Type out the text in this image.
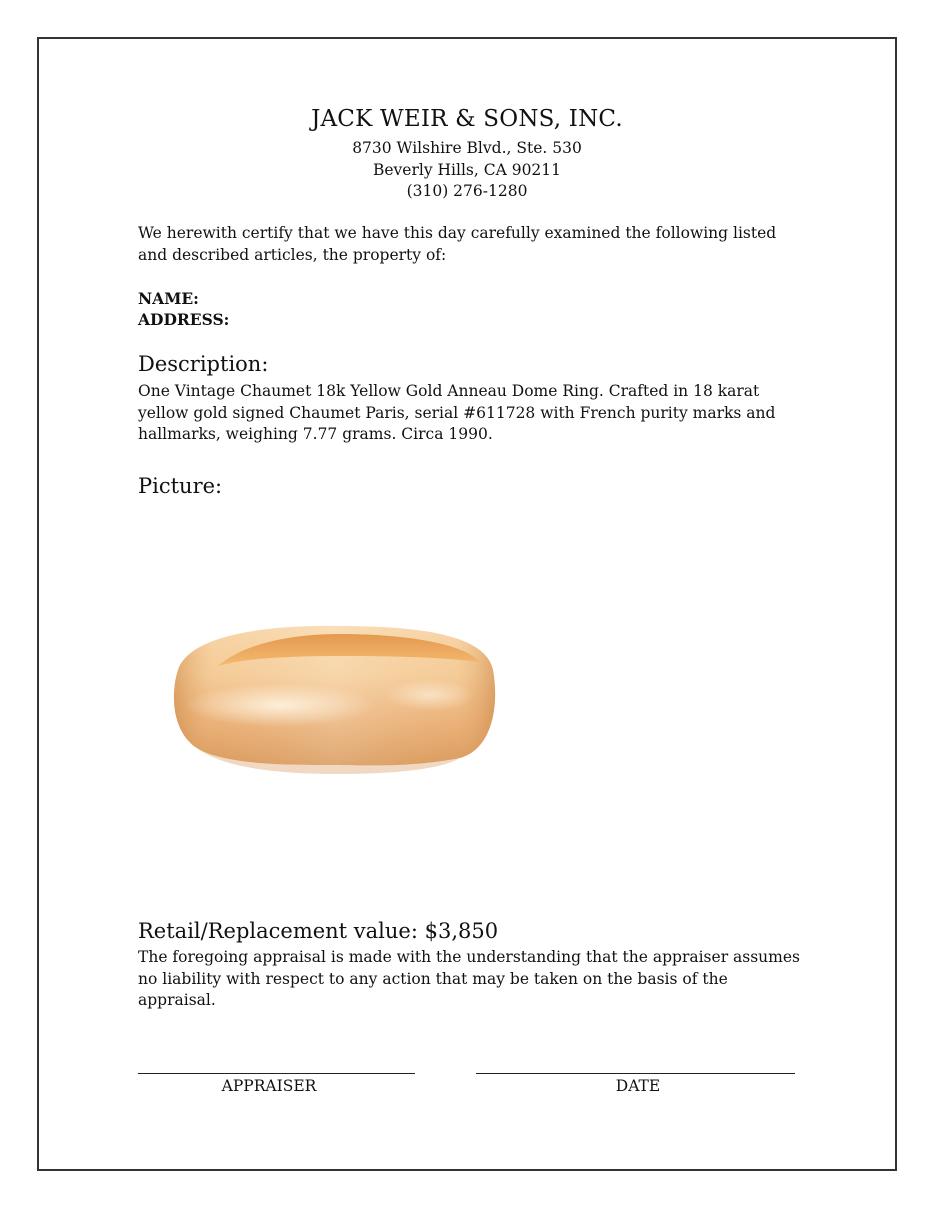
JACK WEIR & SONS, INC.
8730 Wilshire Blvd., Ste. 530
Beverly Hills, CA 90211
(310) 276-1280
We herewith certify that we have this day carefully examined the following listed and described articles, the property of:
NAME:
ADDRESS:
Description:
One Vintage Chaumet 18k Yellow Gold Anneau Dome Ring. Crafted in 18 karat yellow gold signed Chaumet Paris, serial #611728 with French purity marks and hallmarks, weighing 7.77 grams. Circa 1990.
Picture:
Retail/Replacement value: $3,850
The foregoing appraisal is made with the understanding that the appraiser assumes no liability with respect to any action that may be taken on the basis of the appraisal.
APPRAISER	DATE
